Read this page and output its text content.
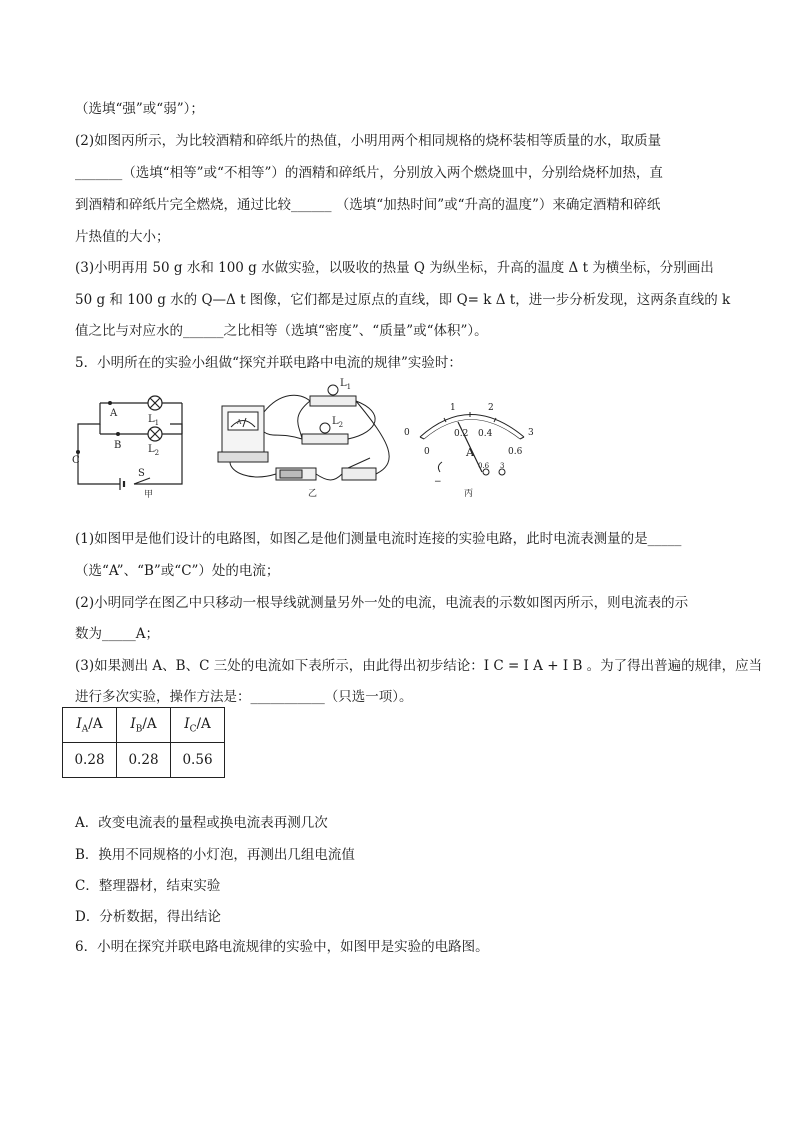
（选填“强”或“弱”）；
(2)如图丙所示，为比较酒精和碎纸片的热值，小明用两个相同规格的烧杯装相等质量的水，取质量
_______（选填“相等”或“不相等”）的酒精和碎纸片，分别放入两个燃烧皿中，分别给烧杯加热，直
到酒精和碎纸片完全燃烧，通过比较______ （选填“加热时间”或“升高的温度”）来确定酒精和碎纸
片热值的大小；
(3)小明再用 50 g 水和 100 g 水做实验，以吸收的热量 Q 为纵坐标，升高的温度 Δ t 为横坐标，分别画出
50 g 和 100 g 水的 Q—Δ t 图像，它们都是过原点的直线，即 Q= k Δ t，进一步分析发现，这两条直线的 k
值之比与对应水的______之比相等（选填“密度”、“质量”或“体积”）。
5．小明所在的实验小组做“探究并联电路中电流的规律”实验时：
(1)如图甲是他们设计的电路图，如图乙是他们测量电流时连接的实验电路，此时电流表测量的是_____
（选“A”、“B”或“C”）处的电流；
(2)小明同学在图乙中只移动一根导线就测量另外一处的电流，电流表的示数如图丙所示，则电流表的示
数为_____A；
(3)如果测出 A、B、C 三处的电流如下表所示，由此得出初步结论：I C = I A + I B 。为了得出普遍的规律，应当
进行多次实验，操作方法是：___________（只选一项）。
A．改变电流表的量程或换电流表再测几次
B．换用不同规格的小灯泡，再测出几组电流值
C．整理器材，结束实验
D．分析数据，得出结论
6．小明在探究并联电路电流规律的实验中，如图甲是实验的电路图。
A
B
C
$L_1$
$L_2$
S
甲
A
$L_1$
$L_2$
乙
0
1	2
3
0
0.2 0.4
0.6
A
0.6 3
−
丙
$I_A/A$	$I_B/A$	$I_C/A$
0.28	0.28	0.56
